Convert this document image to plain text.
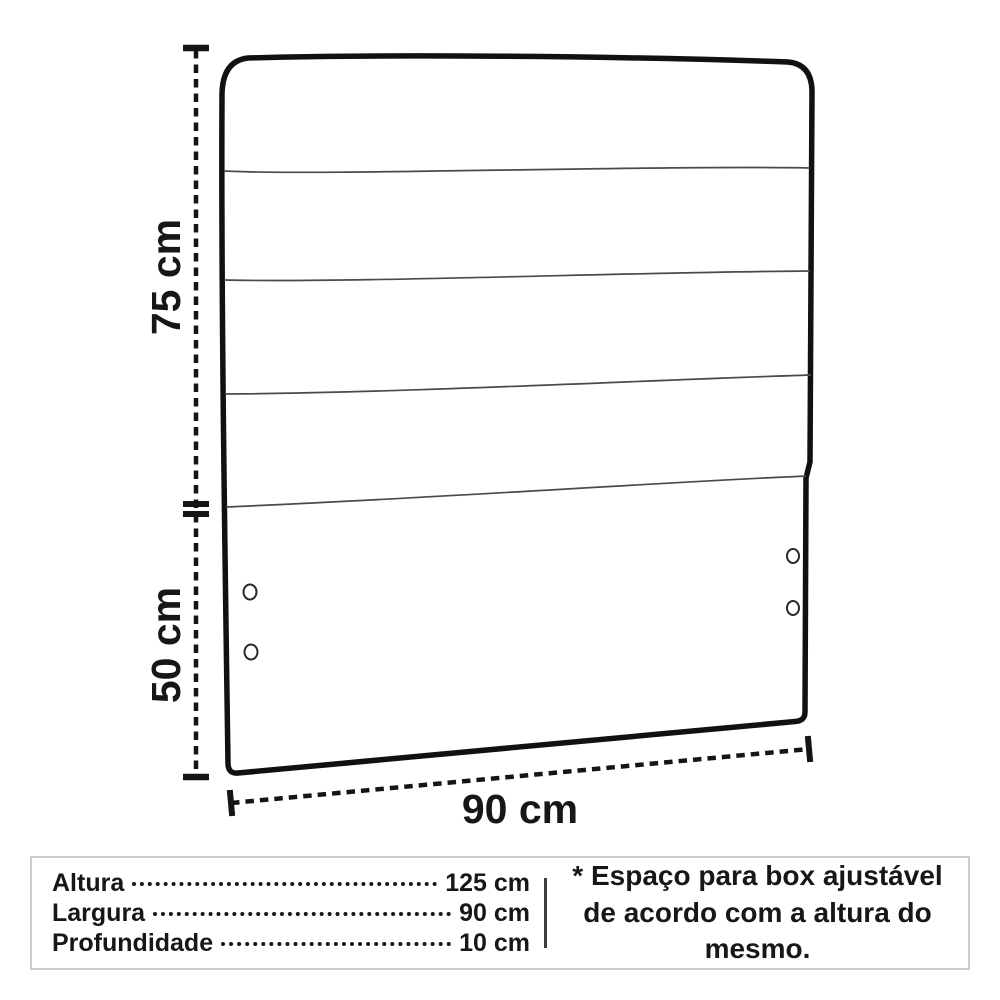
75 cm
50 cm
90 cm
Altura	125 cm
Largura	90 cm
Profundidade	10 cm
* Espaço para box ajustável
de acordo com a altura do mesmo.
